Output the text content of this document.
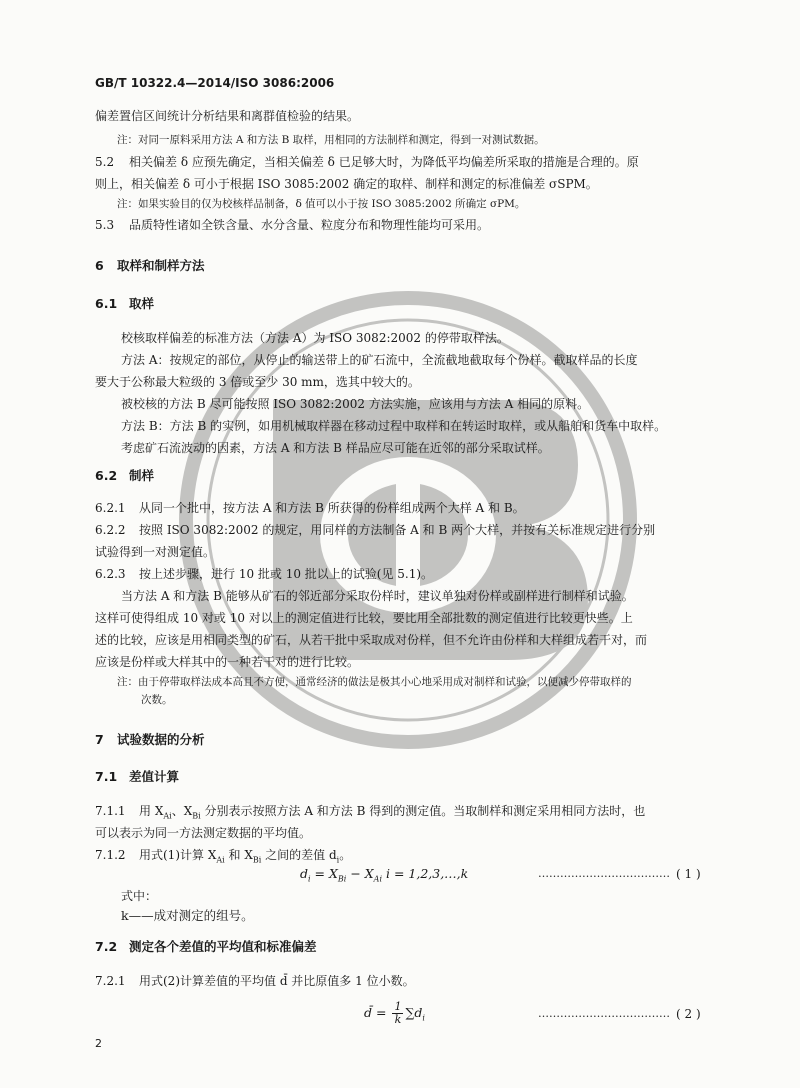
GB/T 10322.4—2014/ISO 3086:2006
偏差置信区间统计分析结果和离群值检验的结果。
注：对同一原料采用方法 A 和方法 B 取样，用相同的方法制样和测定，得到一对测试数据。
5.2 相关偏差 δ 应预先确定，当相关偏差 δ 已足够大时，为降低平均偏差所采取的措施是合理的。原
则上，相关偏差 δ 可小于根据 ISO 3085:2002 确定的取样、制样和测定的标准偏差 σSPM。
注：如果实验目的仅为校核样品制备，δ 值可以小于按 ISO 3085:2002 所确定 σPM。
5.3 品质特性诸如全铁含量、水分含量、粒度分布和物理性能均可采用。
6 取样和制样方法
6.1 取样
校核取样偏差的标准方法（方法 A）为 ISO 3082:2002 的停带取样法。
方法 A：按规定的部位，从停止的输送带上的矿石流中，全流截地截取每个份样。截取样品的长度
要大于公称最大粒级的 3 倍或至少 30 mm，选其中较大的。
被校核的方法 B 尽可能按照 ISO 3082:2002 方法实施，应该用与方法 A 相同的原料。
方法 B：方法 B 的实例，如用机械取样器在移动过程中取样和在转运时取样，或从船舶和货车中取样。
考虑矿石流波动的因素，方法 A 和方法 B 样品应尽可能在近邻的部分采取试样。
6.2 制样
6.2.1 从同一个批中，按方法 A 和方法 B 所获得的份样组成两个大样 A 和 B。
6.2.2 按照 ISO 3082:2002 的规定，用同样的方法制备 A 和 B 两个大样，并按有关标准规定进行分别
试验得到一对测定值。
6.2.3 按上述步骤，进行 10 批或 10 批以上的试验(见 5.1)。
当方法 A 和方法 B 能够从矿石的邻近部分采取份样时，建议单独对份样或副样进行制样和试验。
这样可使得组成 10 对或 10 对以上的测定值进行比较，要比用全部批数的测定值进行比较更快些。上
述的比较，应该是用相同类型的矿石，从若干批中采取成对份样，但不允许由份样和大样组成若干对，而
应该是份样或大样其中的一种若干对的进行比较。
注：由于停带取样法成本高且不方便，通常经济的做法是极其小心地采用成对制样和试验，以便减少停带取样的
次数。
7 试验数据的分析
7.1 差值计算
7.1.1 用 $X_{Ai}$、$X_{Bi}$ 分别表示按照方法 A 和方法 B 得到的测定值。当取制样和测定采用相同方法时，也
可以表示为同一方法测定数据的平均值。
7.1.2 用式(1)计算 $X_{Ai}$ 和 $X_{Bi}$ 之间的差值 $d_i$。
$d_i = X_{Bi} - X_{Ai}$ i = 1,2,3,…,k	……………………………… ( 1 )
式中：
k——成对测定的组号。
7.2 测定各个差值的平均值和标准偏差
7.2.1 用式(2)计算差值的平均值 d̄ 并比原值多 1 位小数。
d̄ = $\frac{1}{k} \sum d_i$	……………………………… ( 2 )
2
